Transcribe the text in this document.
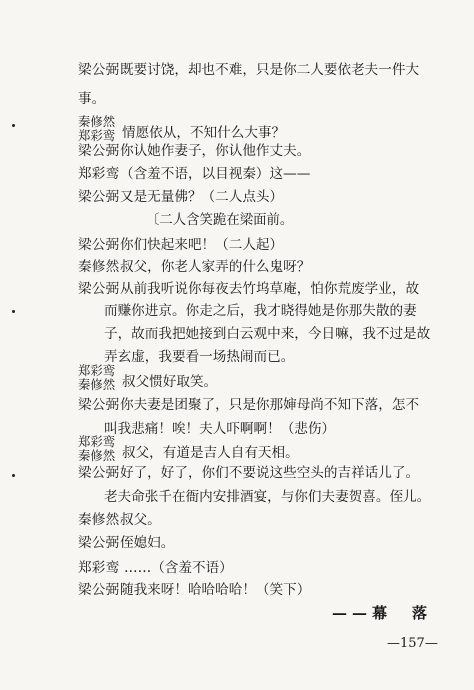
梁公弼 既要讨饶，却也不难，只是你二人要依老夫一件大
事。
秦修然
郑彩鸾 情愿依从，不知什么大事？
梁公弼 你认她作妻子，你认他作丈夫。
郑彩鸾 （含羞不语，以目视秦）这——
梁公弼 又是无量佛？（二人点头）
〔二人含笑跪在梁面前。
梁公弼 你们快起来吧！（二人起）
秦修然 叔父，你老人家弄的什么鬼呀？
梁公弼 从前我听说你每夜去竹坞草庵，怕你荒废学业，故
而赚你进京。你走之后，我才晓得她是你那失散的妻
子，故而我把她接到白云观中来，今日嘛，我不过是故
弄玄虚，我要看一场热闹而已。
郑彩鸾
秦修然 叔父惯好取笑。
梁公弼 你夫妻是团聚了，只是你那婶母尚不知下落，怎不
叫我悲痛！唉！夫人吓啊啊！（悲伤）
郑彩鸾
秦修然 叔父，有道是吉人自有天相。
梁公弼 好了，好了，你们不要说这些空头的吉祥话儿了。
老夫命张千在衙内安排酒宴，与你们夫妻贺喜。侄儿。
秦修然 叔父。
梁公弼 侄媳妇。
郑彩鸾 ……（含羞不语）
梁公弼 随我来呀！哈哈哈哈！（笑下）
——幕　落
—157—
